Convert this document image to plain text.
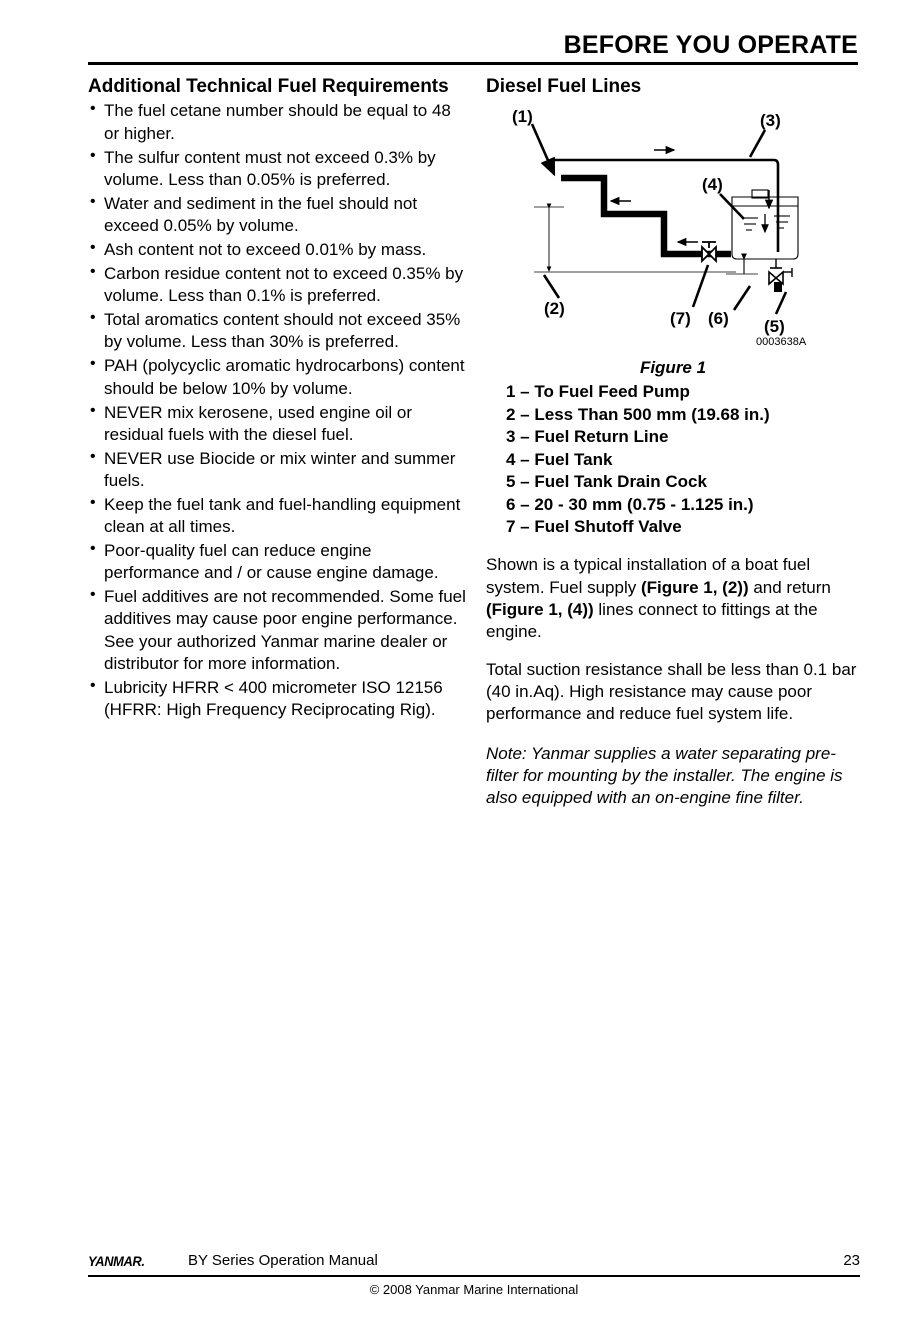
BEFORE YOU OPERATE
Additional Technical Fuel Requirements
• The fuel cetane number should be equal to 48 or higher.
• The sulfur content must not exceed 0.3% by volume. Less than 0.05% is preferred.
• Water and sediment in the fuel should not exceed 0.05% by volume.
• Ash content not to exceed 0.01% by mass.
• Carbon residue content not to exceed 0.35% by volume. Less than 0.1% is preferred.
• Total aromatics content should not exceed 35% by volume. Less than 30% is preferred.
• PAH (polycyclic aromatic hydrocarbons) content should be below 10% by volume.
• NEVER mix kerosene, used engine oil or residual fuels with the diesel fuel.
• NEVER use Biocide or mix winter and summer fuels.
• Keep the fuel tank and fuel-handling equipment clean at all times.
• Poor-quality fuel can reduce engine performance and / or cause engine damage.
• Fuel additives are not recommended. Some fuel additives may cause poor engine performance. See your authorized Yanmar marine dealer or distributor for more information.
• Lubricity HFRR < 400 micrometer ISO 12156 (HFRR: High Frequency Reciprocating Rig).
Diesel Fuel Lines
(1)
(2)
(3)
(4)
(5)
(6)
(7)
0003638A
Figure 1
1 – To Fuel Feed Pump
2 – Less Than 500 mm (19.68 in.)
3 – Fuel Return Line
4 – Fuel Tank
5 – Fuel Tank Drain Cock
6 – 20 - 30 mm (0.75 - 1.125 in.)
7 – Fuel Shutoff Valve

Shown is a typical installation of a boat fuel system. Fuel supply (Figure 1, (2)) and return (Figure 1, (4)) lines connect to fittings at the engine.

Total suction resistance shall be less than 0.1 bar (40 in.Aq). High resistance may cause poor performance and reduce fuel system life.

Note: Yanmar supplies a water separating pre-filter for mounting by the installer. The engine is also equipped with an on-engine fine filter.

YANMAR.	BY Series Operation Manual	23
© 2008 Yanmar Marine International
